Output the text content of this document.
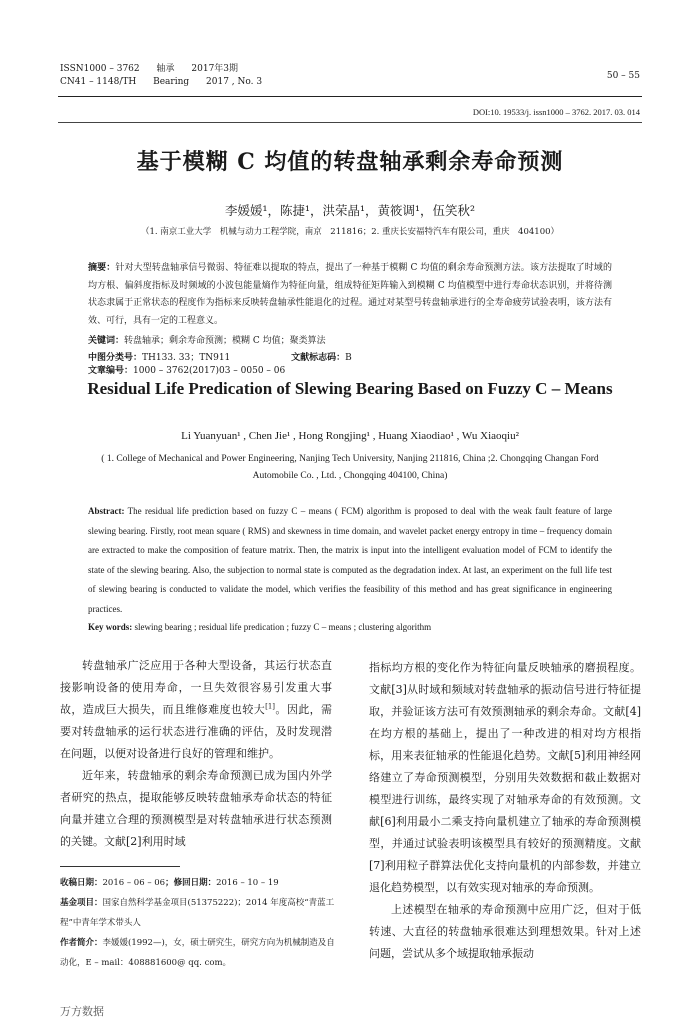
ISSN1000 – 3762 轴承 2017年3期
CN41 – 1148/TH Bearing 2017 , No. 3
50 – 55
DOI:10. 19533/j. issn1000 – 3762. 2017. 03. 014
基于模糊 C 均值的转盘轴承剩余寿命预测
李媛媛¹，陈捷¹，洪荣晶¹，黄筱调¹，伍笑秋²
（1. 南京工业大学　机械与动力工程学院，南京　211816；2. 重庆长安福特汽车有限公司，重庆　404100）
摘要：针对大型转盘轴承信号微弱、特征难以提取的特点，提出了一种基于模糊 C 均值的剩余寿命预测方法。该方法提取了时域的均方根、偏斜度指标及时频域的小波包能量熵作为特征向量，组成特征矩阵输入到模糊 C 均值模型中进行寿命状态识别，并将待测状态隶属于正常状态的程度作为指标来反映转盘轴承性能退化的过程。通过对某型号转盘轴承进行的全寿命疲劳试验表明，该方法有效、可行，具有一定的工程意义。
关键词：转盘轴承；剩余寿命预测；模糊 C 均值；聚类算法
中图分类号：TH133. 33；TN911	文献标志码：B 文章编号：1000 – 3762(2017)03 – 0050 – 06
Residual Life Predication of Slewing Bearing Based on Fuzzy C – Means
Li Yuanyuan¹ , Chen Jie¹ , Hong Rongjing¹ , Huang Xiaodiao¹ , Wu Xiaoqiu²
( 1. College of Mechanical and Power Engineering, Nanjing Tech University, Nanjing 211816, China ;2. Chongqing Changan Ford Automobile Co. , Ltd. , Chongqing 404100, China)
Abstract: The residual life prediction based on fuzzy C – means ( FCM) algorithm is proposed to deal with the weak fault feature of large slewing bearing. Firstly, root mean square ( RMS) and skewness in time domain, and wavelet packet energy entropy in time – frequency domain are extracted to make the composition of feature matrix. Then, the matrix is input into the intelligent evaluation model of FCM to identify the state of the slewing bearing. Also, the subjection to normal state is computed as the degradation index. At last, an experiment on the full life test of slewing bearing is conducted to validate the model, which verifies the feasibility of this method and has great significance in engineering practices.
Key words: slewing bearing ; residual life predication ; fuzzy C – means ; clustering algorithm

转盘轴承广泛应用于各种大型设备，其运行状态直接影响设备的使用寿命，一旦失效很容易引发重大事故，造成巨大损失，而且维修难度也较大[1]。因此，需要对转盘轴承的运行状态进行准确的评估，及时发现潜在问题，以便对设备进行良好的管理和维护。

近年来，转盘轴承的剩余寿命预测已成为国内外学者研究的热点，提取能够反映转盘轴承寿命状态的特征向量并建立合理的预测模型是对转盘轴承进行状态预测的关键。文献[2]利用时域

指标均方根的变化作为特征向量反映轴承的磨损程度。文献[3]从时域和频域对转盘轴承的振动信号进行特征提取，并验证该方法可有效预测轴承的剩余寿命。文献[4]在均方根的基础上，提出了一种改进的相对均方根指标，用来表征轴承的性能退化趋势。文献[5]利用神经网络建立了寿命预测模型，分别用失效数据和截止数据对模型进行训练，最终实现了对轴承寿命的有效预测。文献[6]利用最小二乘支持向量机建立了轴承的寿命预测模型，并通过试验表明该模型具有较好的预测精度。文献[7]利用粒子群算法优化支持向量机的内部参数，并建立退化趋势模型，以有效实现对轴承的寿命预测。

上述模型在轴承的寿命预测中应用广泛，但对于低转速、大直径的转盘轴承很难达到理想效果。针对上述问题，尝试从多个域提取轴承振动

收稿日期：2016 – 06 – 06；修回日期：2016 – 10 – 19
基金项目：国家自然科学基金项目(51375222)；2014 年度高校“青蓝工程”中青年学术带头人
作者简介：李媛媛(1992—)，女，硕士研究生，研究方向为机械制造及自动化，E – mail：408881600@ qq. com。
万方数据
